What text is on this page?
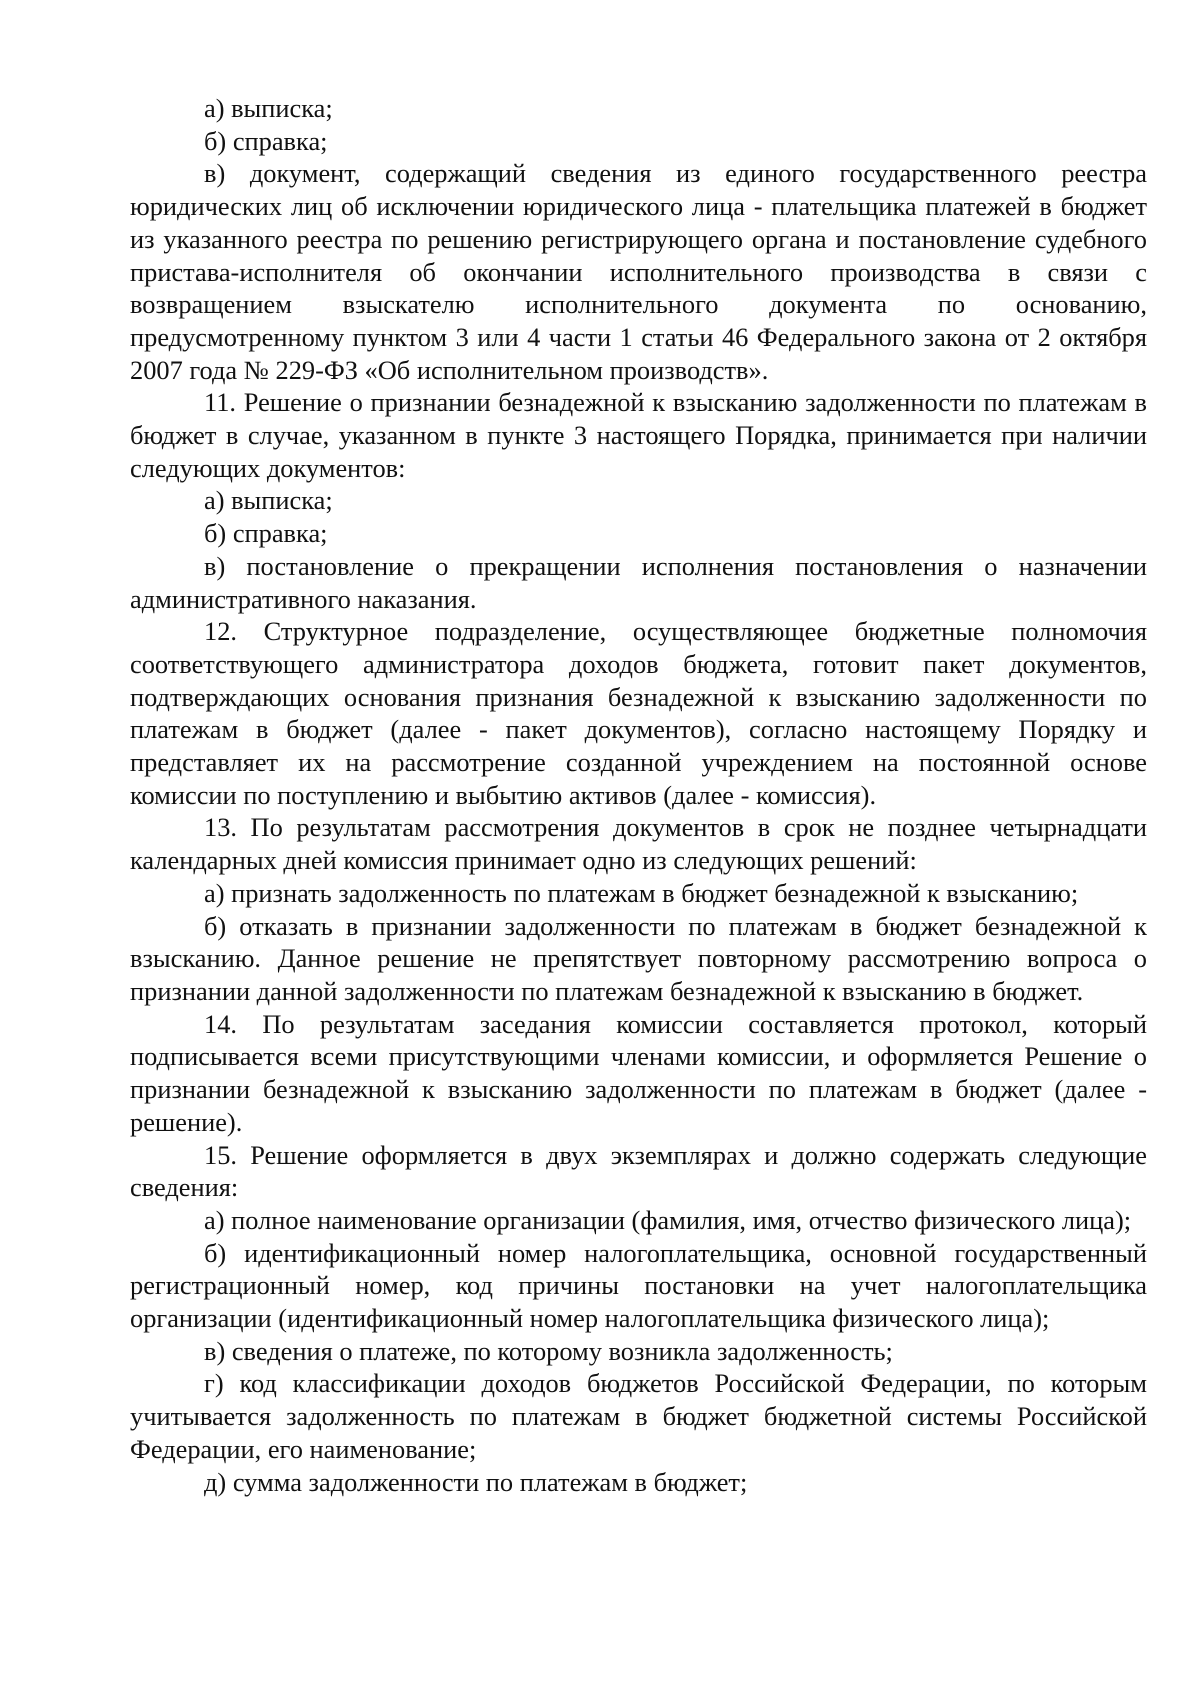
а) выписка;

б) справка;

в) документ, содержащий сведения из единого государственного реестра юридических лиц об исключении юридического лица - плательщика платежей в бюджет из указанного реестра по решению регистрирующего органа и постановление судебного пристава-исполнителя об окончании исполнительного производства в связи с возвращением взыскателю исполнительного документа по основанию, предусмотренному пунктом 3 или 4 части 1 статьи 46 Федерального закона от 2 октября 2007 года № 229-ФЗ «Об исполнительном производств».

11. Решение о признании безнадежной к взысканию задолженности по платежам в бюджет в случае, указанном в пункте 3 настоящего Порядка, принимается при наличии следующих документов:

а) выписка;

б) справка;

в) постановление о прекращении исполнения постановления о назначении административного наказания.

12. Структурное подразделение, осуществляющее бюджетные полномочия соответствующего администратора доходов бюджета, готовит пакет документов, подтверждающих основания признания безнадежной к взысканию задолженности по платежам в бюджет (далее - пакет документов), согласно настоящему Порядку и представляет их на рассмотрение созданной учреждением на постоянной основе комиссии по поступлению и выбытию активов (далее - комиссия).

13. По результатам рассмотрения документов в срок не позднее четырнадцати календарных дней комиссия принимает одно из следующих решений:

а) признать задолженность по платежам в бюджет безнадежной к взысканию;

б) отказать в признании задолженности по платежам в бюджет безнадежной к взысканию. Данное решение не препятствует повторному рассмотрению вопроса о признании данной задолженности по платежам безнадежной к взысканию в бюджет.

14. По результатам заседания комиссии составляется протокол, который подписывается всеми присутствующими членами комиссии, и оформляется Решение о признании безнадежной к взысканию задолженности по платежам в бюджет (далее - решение).

15. Решение оформляется в двух экземплярах и должно содержать следующие сведения:

а) полное наименование организации (фамилия, имя, отчество физического лица);

б) идентификационный номер налогоплательщика, основной государственный регистрационный номер, код причины постановки на учет налогоплательщика организации (идентификационный номер налогоплательщика физического лица);

в) сведения о платеже, по которому возникла задолженность;

г) код классификации доходов бюджетов Российской Федерации, по которым учитывается задолженность по платежам в бюджет бюджетной системы Российской Федерации, его наименование;

д) сумма задолженности по платежам в бюджет;
